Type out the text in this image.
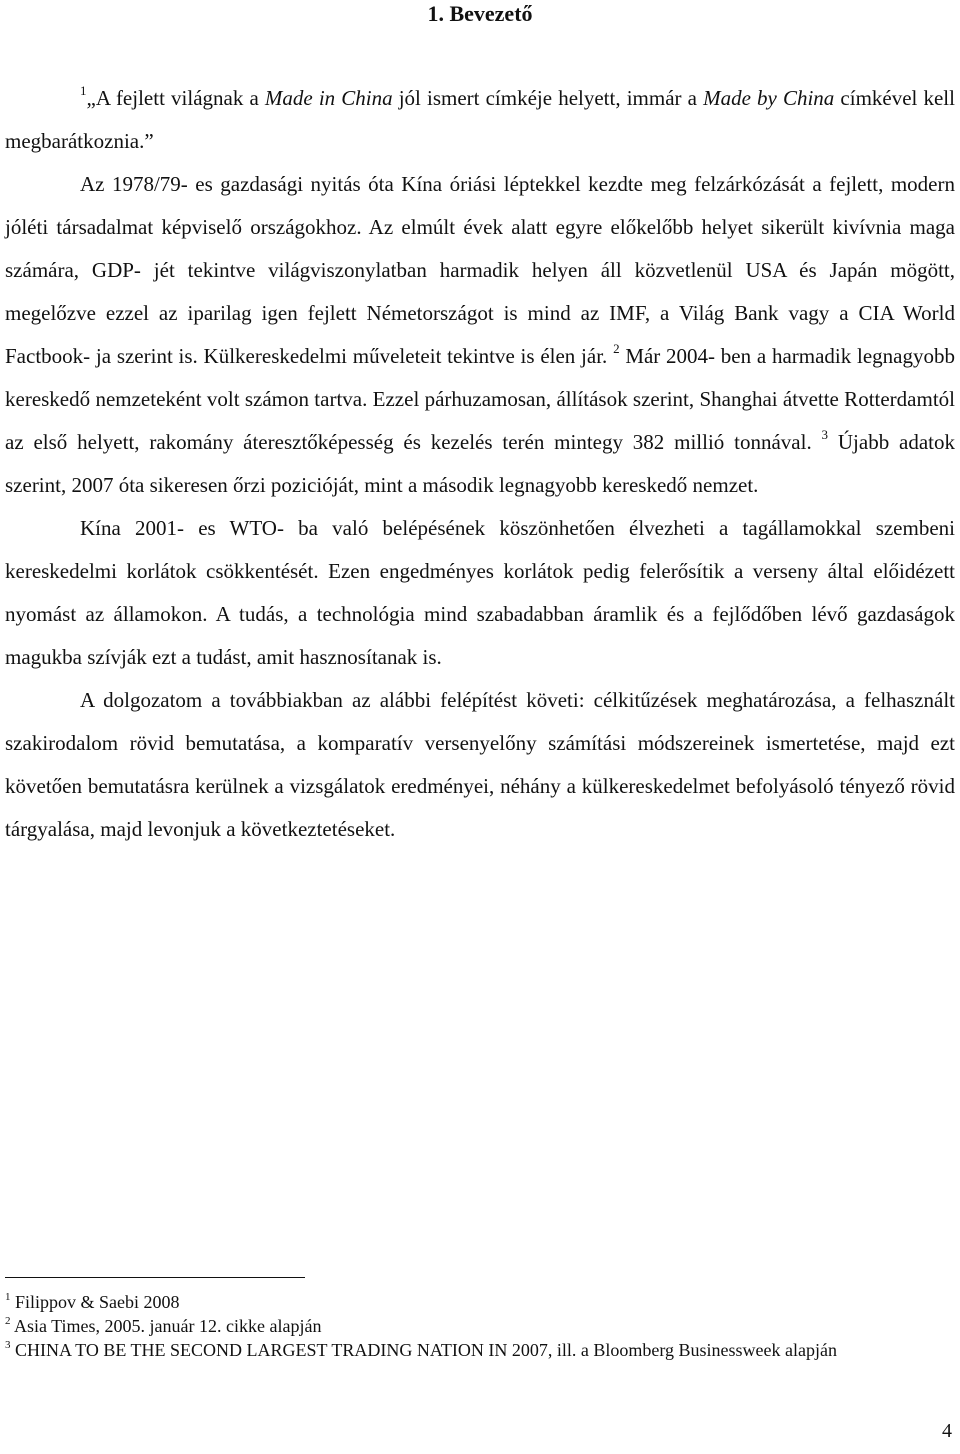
1. Bevezető

$^1$„A fejlett világnak a Made in China jól ismert címkéje helyett, immár a Made by China címkével kell megbarátkoznia.”

Az 1978/79- es gazdasági nyitás óta Kína óriási léptekkel kezdte meg felzárkózását a fejlett, modern jóléti társadalmat képviselő országokhoz. Az elmúlt évek alatt egyre előkelőbb helyet sikerült kivívnia maga számára, GDP- jét tekintve világviszonylatban harmadik helyen áll közvetlenül USA és Japán mögött, megelőzve ezzel az iparilag igen fejlett Németországot is mind az IMF, a Világ Bank vagy a CIA World Factbook- ja szerint is. Külkereskedelmi műveleteit tekintve is élen jár. $^2$ Már 2004- ben a harmadik legnagyobb kereskedő nemzeteként volt számon tartva. Ezzel párhuzamosan, állítások szerint, Shanghai átvette Rotterdamtól az első helyett, rakomány áteresztőképesség és kezelés terén mintegy 382 millió tonnával. $^3$ Újabb adatok szerint, 2007 óta sikeresen őrzi pozicióját, mint a második legnagyobb kereskedő nemzet.

Kína 2001- es WTO- ba való belépésének köszönhetően élvezheti a tagállamokkal szembeni kereskedelmi korlátok csökkentését. Ezen engedményes korlátok pedig felerősítik a verseny által előidézett nyomást az államokon. A tudás, a technológia mind szabadabban áramlik és a fejlődőben lévő gazdaságok magukba szívják ezt a tudást, amit hasznosítanak is.

A dolgozatom a továbbiakban az alábbi felépítést követi: célkitűzések meghatározása, a felhasznált szakirodalom rövid bemutatása, a komparatív versenyelőny számítási módszereinek ismertetése, majd ezt követően bemutatásra kerülnek a vizsgálatok eredményei, néhány a külkereskedelmet befolyásoló tényező rövid tárgyalása, majd levonjuk a következtetéseket.

$^1$ Filippov & Saebi 2008
$^2$ Asia Times, 2005. január 12. cikke alapján
$^3$ CHINA TO BE THE SECOND LARGEST TRADING NATION IN 2007, ill. a Bloomberg Businessweek alapján
4
